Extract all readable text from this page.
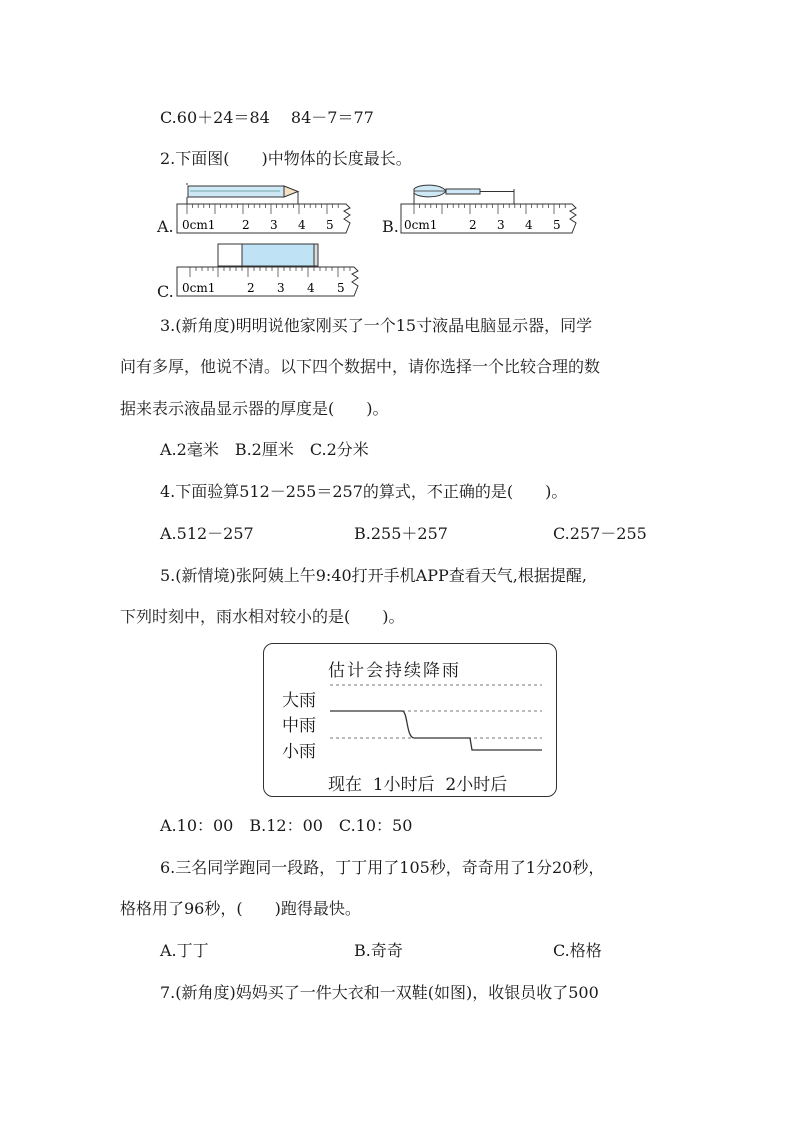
C.60＋24＝84　 84－7＝77
2.下面图(　　)中物体的长度最长。
A. 0cm1 2 3 4 5	B. 0cm1	2 3 4 5
C. 0cm1	2 3 4 5
3.(新角度)明明说他家刚买了一个15寸液晶电脑显示器，同学
问有多厚，他说不清。以下四个数据中，请你选择一个比较合理的数
据来表示液晶显示器的厚度是(　　)。
A.2毫米　B.2厘米　C.2分米
4.下面验算512－255＝257的算式，不正确的是(　　)。
A.512－257	B.255＋257	C.257－255
5.(新情境)张阿姨上午9:40打开手机APP查看天气,根据提醒,
下列时刻中，雨水相对较小的是(　　)。
估计会持续降雨
大雨
中雨
小雨
现在  1小时后  2小时后
A.10：00　B.12：00　C.10：50
6.三名同学跑同一段路，丁丁用了105秒，奇奇用了1分20秒，
格格用了96秒，(　　)跑得最快。
A.丁丁	B.奇奇	C.格格
7.(新角度)妈妈买了一件大衣和一双鞋(如图)，收银员收了500
